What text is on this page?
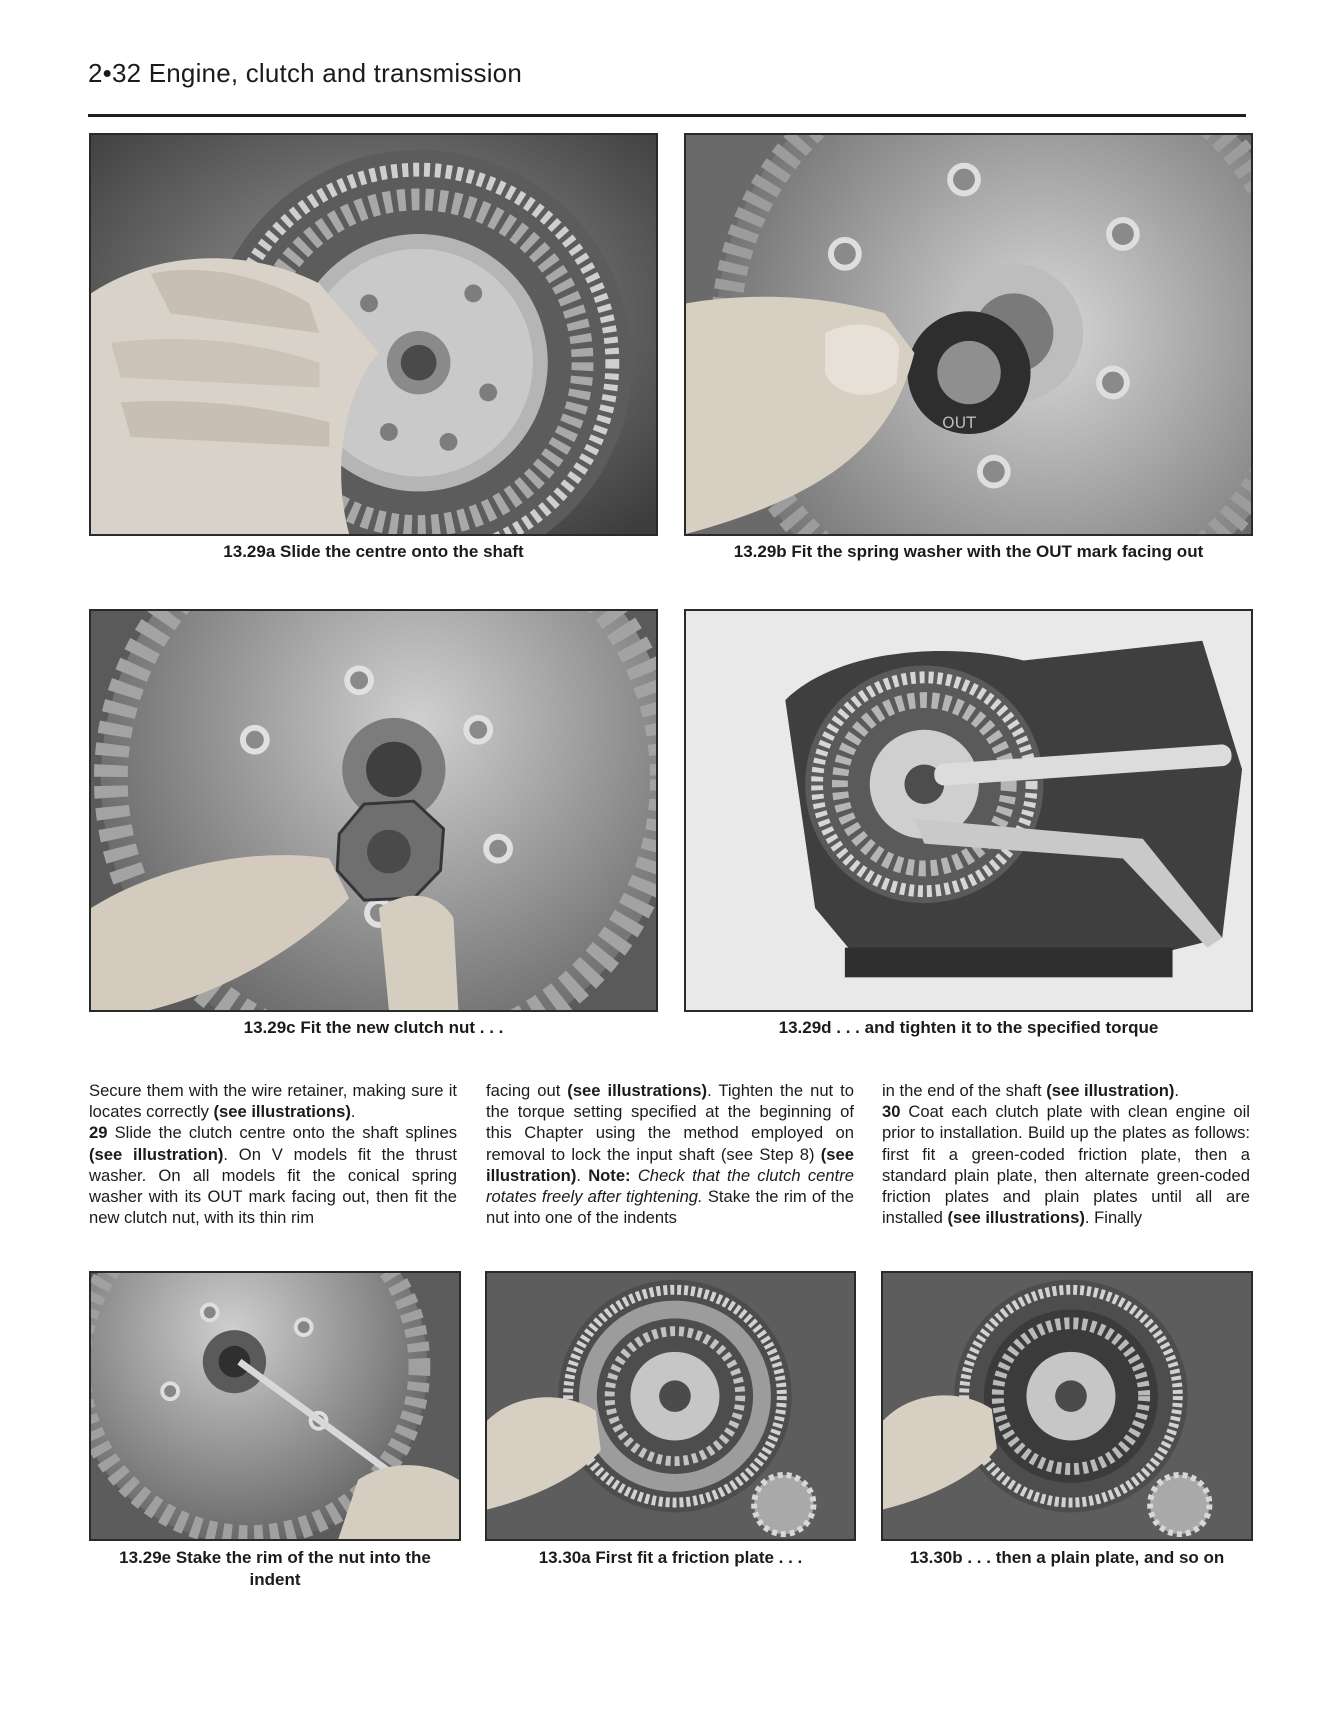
2•32 Engine, clutch and transmission
13.29a Slide the centre onto the shaft
OUT
13.29b Fit the spring washer with the OUT mark facing out
13.29c Fit the new clutch nut . . .	13.29d . . . and tighten it to the specified torque
Secure them with the wire retainer, making sure it locates correctly (see illustrations).
29 Slide the clutch centre onto the shaft splines (see illustration). On V models fit the thrust washer. On all models fit the conical spring washer with its OUT mark facing out, then fit the new clutch nut, with its thin rim
facing out (see illustrations). Tighten the nut to the torque setting specified at the beginning of this Chapter using the method employed on removal to lock the input shaft (see Step 8) (see illustration). Note: Check that the clutch centre rotates freely after tightening. Stake the rim of the nut into one of the indents
in the end of the shaft (see illustration).
30 Coat each clutch plate with clean engine oil prior to installation. Build up the plates as follows: first fit a green-coded friction plate, then a standard plain plate, then alternate green-coded friction plates and plain plates until all are installed (see illustrations). Finally
13.29e Stake the rim of the nut into the
indent
13.30a First fit a friction plate . . .	13.30b . . . then a plain plate, and so on
